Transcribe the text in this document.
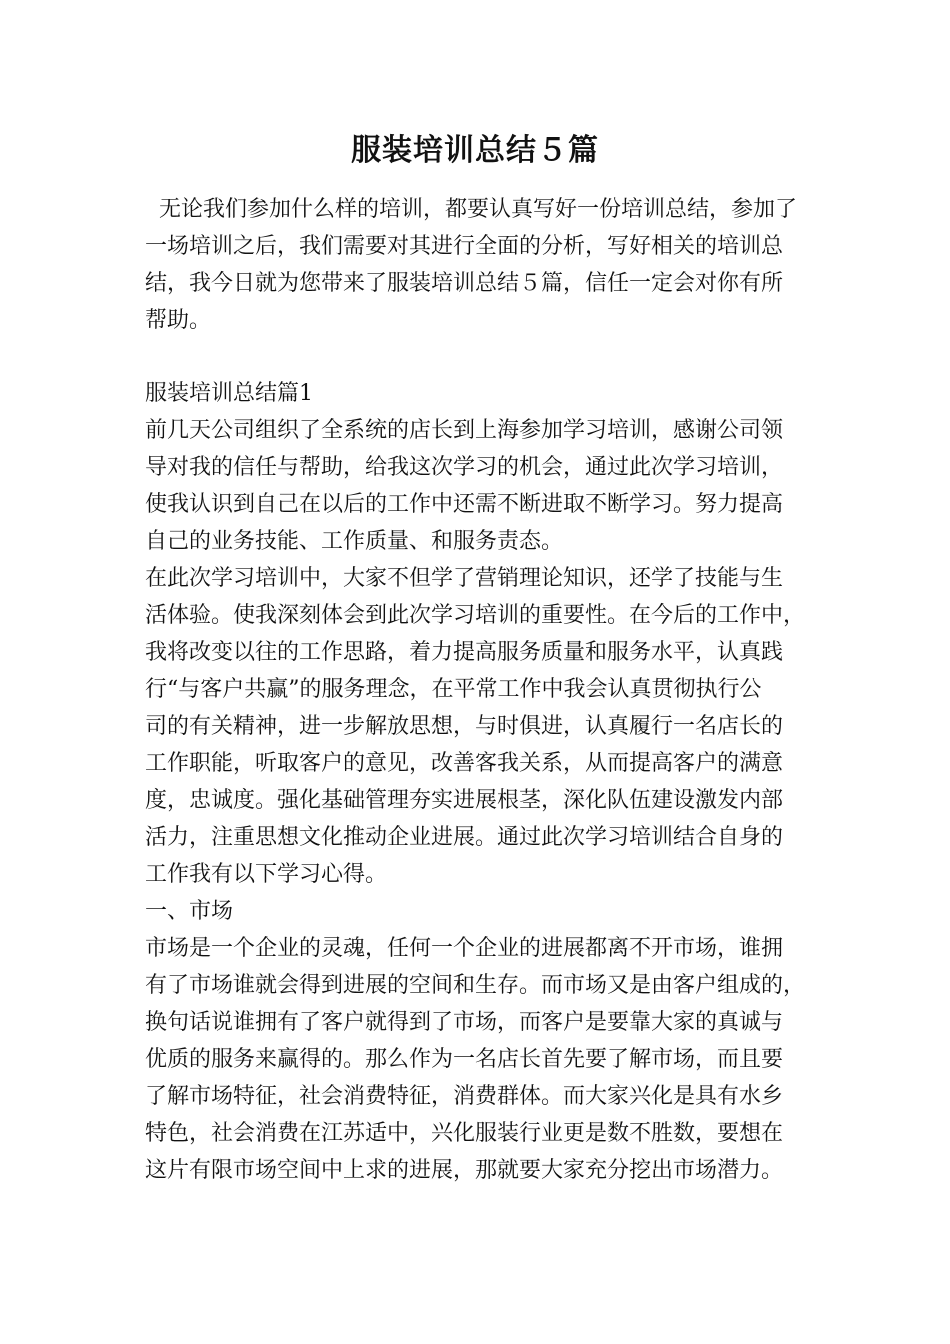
服装培训总结５篇
无论我们参加什么样的培训，都要认真写好一份培训总结，参加了
一场培训之后，我们需要对其进行全面的分析，写好相关的培训总
结，我今日就为您带来了服装培训总结５篇，信任一定会对你有所
帮助。
服装培训总结篇1
前几天公司组织了全系统的店长到上海参加学习培训，感谢公司领
导对我的信任与帮助，给我这次学习的机会，通过此次学习培训，
使我认识到自己在以后的工作中还需不断进取不断学习。努力提高
自己的业务技能、工作质量、和服务责态。
在此次学习培训中，大家不但学了营销理论知识，还学了技能与生
活体验。使我深刻体会到此次学习培训的重要性。在今后的工作中，
我将改变以往的工作思路，着力提高服务质量和服务水平，认真践
行“与客户共赢”的服务理念，在平常工作中我会认真贯彻执行公
司的有关精神，进一步解放思想，与时俱进，认真履行一名店长的
工作职能，听取客户的意见，改善客我关系，从而提高客户的满意
度，忠诚度。强化基础管理夯实进展根茎，深化队伍建设激发内部
活力，注重思想文化推动企业进展。通过此次学习培训结合自身的
工作我有以下学习心得。
一、市场
市场是一个企业的灵魂，任何一个企业的进展都离不开市场，谁拥
有了市场谁就会得到进展的空间和生存。而市场又是由客户组成的，
换句话说谁拥有了客户就得到了市场，而客户是要靠大家的真诚与
优质的服务来赢得的。那么作为一名店长首先要了解市场，而且要
了解市场特征，社会消费特征，消费群体。而大家兴化是具有水乡
特色，社会消费在江苏适中，兴化服装行业更是数不胜数，要想在
这片有限市场空间中上求的进展，那就要大家充分挖出市场潜力。
